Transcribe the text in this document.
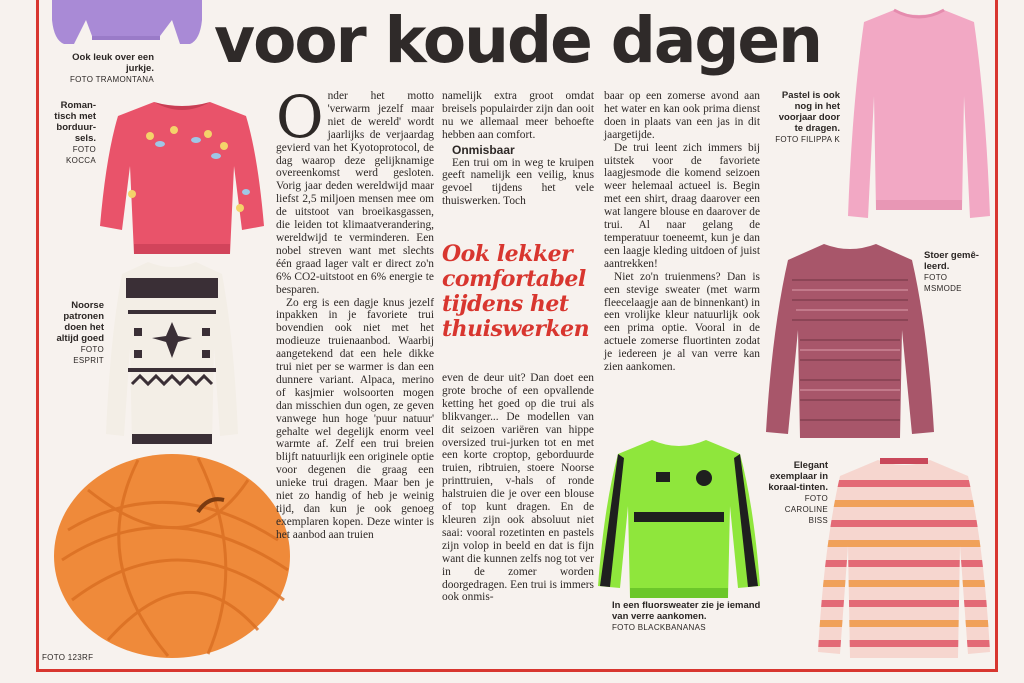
voor koude dagen
Ook leuk over een jurkje.
FOTO TRAMONTANA
Roman-tisch met borduur-sels.
FOTO KOCCA
Noorse patronen doen het altijd goed
FOTO ESPRIT
FOTO 123RF

Onder het motto 'verwarm jezelf maar niet de wereld' wordt jaarlijks de verjaardag gevierd van het Kyotoprotocol, de dag waarop deze gelijknamige overeenkomst werd gesloten. Vorig jaar deden wereldwijd maar liefst 2,5 miljoen mensen mee om de uitstoot van broeikasgassen, die leiden tot klimaatverandering, wereldwijd te verminderen. Een nobel streven want met slechts één graad lager valt er direct zo'n 6% CO2-uitstoot en 6% energie te besparen.

Zo erg is een dagje knus jezelf inpakken in je favoriete trui bovendien ook niet met het modieuze truienaanbod. Waarbij aangetekend dat een hele dikke trui niet per se warmer is dan een dunnere variant. Alpaca, merino of kasjmier wolsoorten mogen dan misschien dun ogen, ze geven vanwege hun hoge 'puur natuur' gehalte wel degelijk enorm veel warmte af. Zelf een trui breien blijft natuurlijk een originele optie voor degenen die graag een unieke trui dragen. Maar ben je niet zo handig of heb je weinig tijd, dan kun je ook genoeg exemplaren kopen. Deze winter is het aanbod aan truien

namelijk extra groot omdat breisels populairder zijn dan ooit nu we allemaal meer behoefte hebben aan comfort.

Onmisbaar

Een trui om in weg te kruipen geeft namelijk een veilig, knus gevoel tijdens het vele thuiswerken. Toch

Ook lekker comfortabel tijdens het thuiswerken

even de deur uit? Dan doet een grote broche of een opvallende ketting het goed op die trui als blikvanger... De modellen van dit seizoen variëren van hippe oversized trui-jurken tot en met een korte croptop, geborduurde truien, ribtruien, stoere Noorse printtruien, v-hals of ronde halstruien die je over een blouse of top kunt dragen. En de kleuren zijn ook absoluut niet saai: vooral rozetinten en pastels zijn volop in beeld en dat is fijn want die kunnen zelfs nog tot ver in de zomer worden doorgedragen. Een trui is immers ook onmis-

baar op een zomerse avond aan het water en kan ook prima dienst doen in plaats van een jas in dit jaargetijde.

De trui leent zich immers bij uitstek voor de favoriete laagjesmode die komend seizoen weer helemaal actueel is. Begin met een shirt, draag daarover een wat langere blouse en daarover de trui. Al naar gelang de temperatuur toeneemt, kun je dan een laagje kleding uitdoen of juist aantrekken!

Niet zo'n truienmens? Dan is een stevige sweater (met warm fleecelaagje aan de binnenkant) in een vrolijke kleur natuurlijk ook een prima optie. Vooral in de actuele zomerse fluortinten zodat je iedereen je al van verre kan zien aankomen.

In een fluorsweater zie je iemand van verre aankomen.
FOTO BLACKBANANAS
Pastel is ook nog in het voorjaar door te dragen.
FOTO FILIPPA K
Stoer gemê-leerd.
FOTO MSMODE
Elegant exemplaar in koraal-tinten.
FOTO CAROLINE BISS
